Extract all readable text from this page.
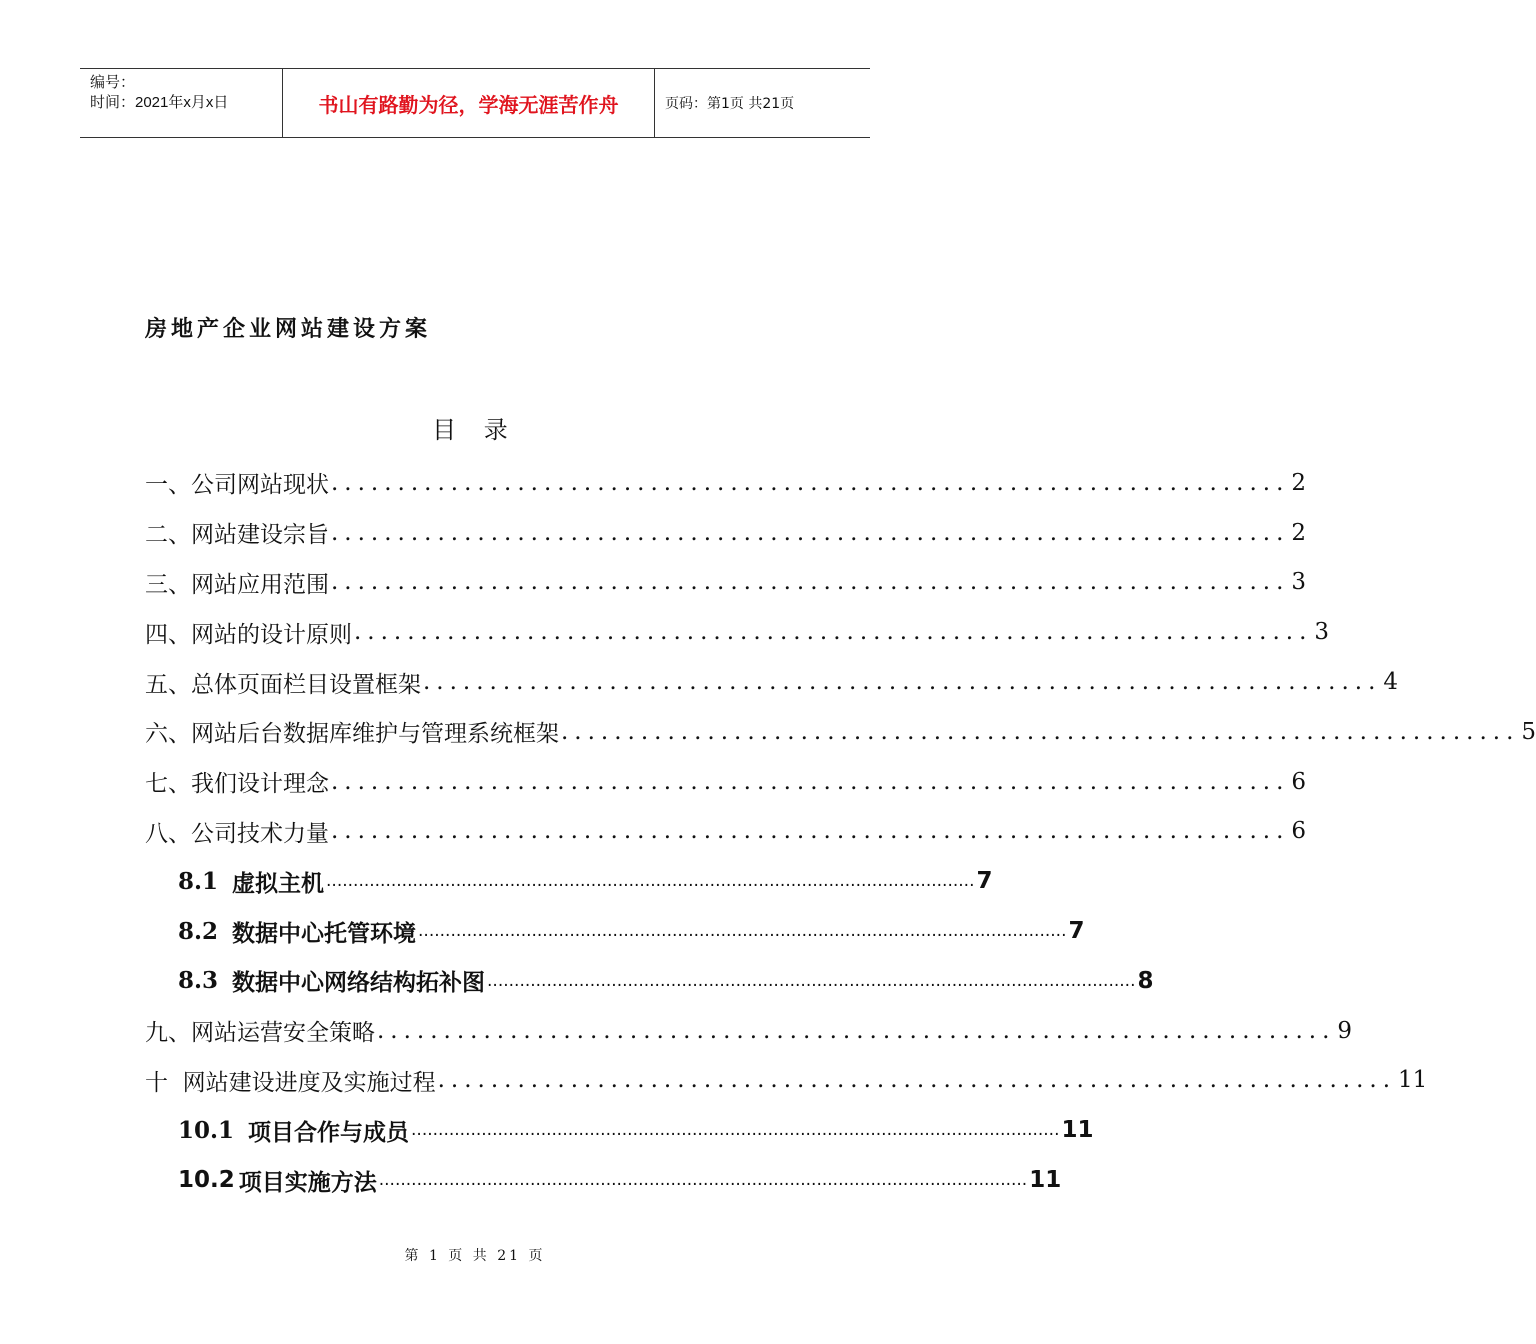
编号：
时间：2021年x月x日	书山有路勤为径，学海无涯苦作舟	页码：第1页 共21页
房地产企业网站建设方案
目 录
一、公司网站现状 ........................................................................ 2
二、网站建设宗旨 ........................................................................ 2
三、网站应用范围 ........................................................................ 3
四、网站的设计原则 ........................................................................ 3
五、总体页面栏目设置框架 ........................................................................ 4
六、网站后台数据库维护与管理系统框架 ........................................................................ 5
七、我们设计理念 ........................................................................ 6
八、公司技术力量 ........................................................................ 6
8.1 虚拟主机 ........................................................................................................................ 7
8.2 数据中心托管环境 ........................................................................................................................ 7
8.3 数据中心网络结构拓补图 ........................................................................................................................ 8
九、网站运营安全策略 ........................................................................ 9
十  网站建设进度及实施过程 ........................................................................ 11
10.1 项目合作与成员 ........................................................................................................................ 11
10.2 项目实施方法 ........................................................................................................................ 11
第 1 页 共 21 页
